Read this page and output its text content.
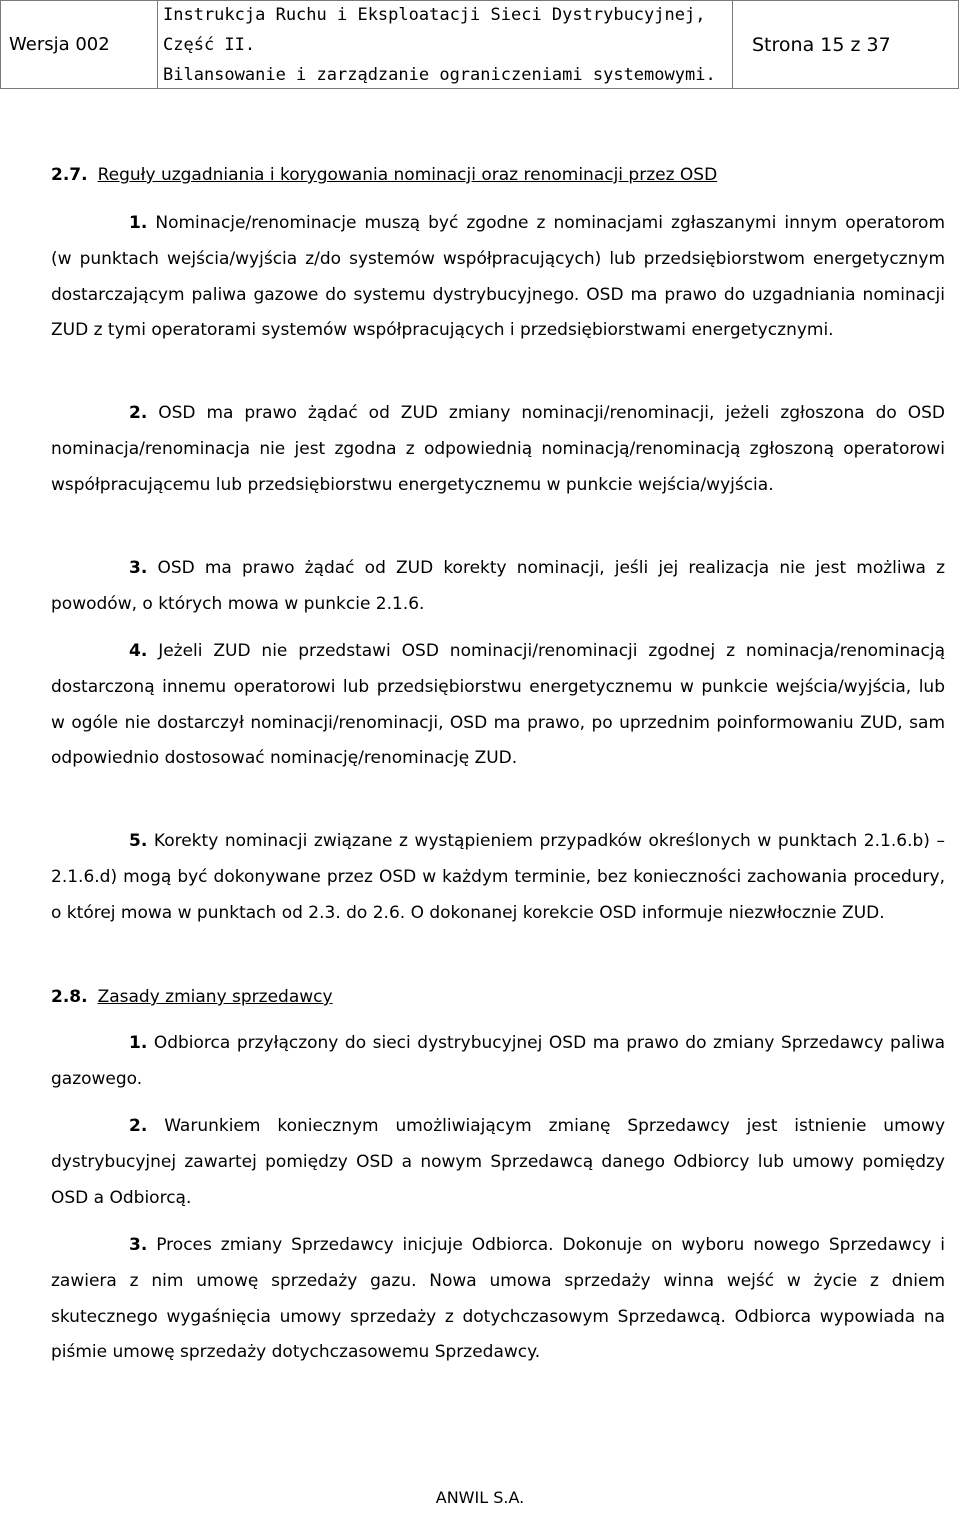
Wersja 002
Instrukcja Ruchu i Eksploatacji Sieci Dystrybucyjnej, Część II.
Bilansowanie i zarządzanie ograniczeniami systemowymi.
Strona 15 z 37
2.7. Reguły uzgadniania i korygowania nominacji oraz renominacji przez OSD

1. Nominacje/renominacje muszą być zgodne z nominacjami zgłaszanymi innym operatorom (w punktach wejścia/wyjścia z/do systemów współpracujących) lub przedsiębiorstwom energetycznym dostarczającym paliwa gazowe do systemu dystrybucyjnego. OSD ma prawo do uzgadniania nominacji ZUD z tymi operatorami systemów współpracujących i przedsiębiorstwami energetycznymi.

2. OSD ma prawo żądać od ZUD zmiany nominacji/renominacji, jeżeli zgłoszona do OSD nominacja/renominacja nie jest zgodna z odpowiednią nominacją/renominacją zgłoszoną operatorowi współpracującemu lub przedsiębiorstwu energetycznemu w punkcie wejścia/wyjścia.

3. OSD ma prawo żądać od ZUD korekty nominacji, jeśli jej realizacja nie jest możliwa z powodów, o których mowa w punkcie 2.1.6.

4. Jeżeli ZUD nie przedstawi OSD nominacji/renominacji zgodnej z nominacja/renominacją dostarczoną innemu operatorowi lub przedsiębiorstwu energetycznemu w punkcie wejścia/wyjścia, lub w ogóle nie dostarczył nominacji/renominacji, OSD ma prawo, po uprzednim poinformowaniu ZUD, sam odpowiednio dostosować nominację/renominację ZUD.

5. Korekty nominacji związane z wystąpieniem przypadków określonych w punktach 2.1.6.b) – 2.1.6.d) mogą być dokonywane przez OSD w każdym terminie, bez konieczności zachowania procedury, o której mowa w punktach od 2.3. do 2.6. O dokonanej korekcie OSD informuje niezwłocznie ZUD.

2.8. Zasady zmiany sprzedawcy

1. Odbiorca przyłączony do sieci dystrybucyjnej OSD ma prawo do zmiany Sprzedawcy paliwa gazowego.

2. Warunkiem koniecznym umożliwiającym zmianę Sprzedawcy jest istnienie umowy dystrybucyjnej zawartej pomiędzy OSD a nowym Sprzedawcą danego Odbiorcy lub umowy pomiędzy OSD a Odbiorcą.

3. Proces zmiany Sprzedawcy inicjuje Odbiorca. Dokonuje on wyboru nowego Sprzedawcy i zawiera z nim umowę sprzedaży gazu. Nowa umowa sprzedaży winna wejść w życie z dniem skutecznego wygaśnięcia umowy sprzedaży z dotychczasowym Sprzedawcą. Odbiorca wypowiada na piśmie umowę sprzedaży dotychczasowemu Sprzedawcy.

ANWIL S.A.
